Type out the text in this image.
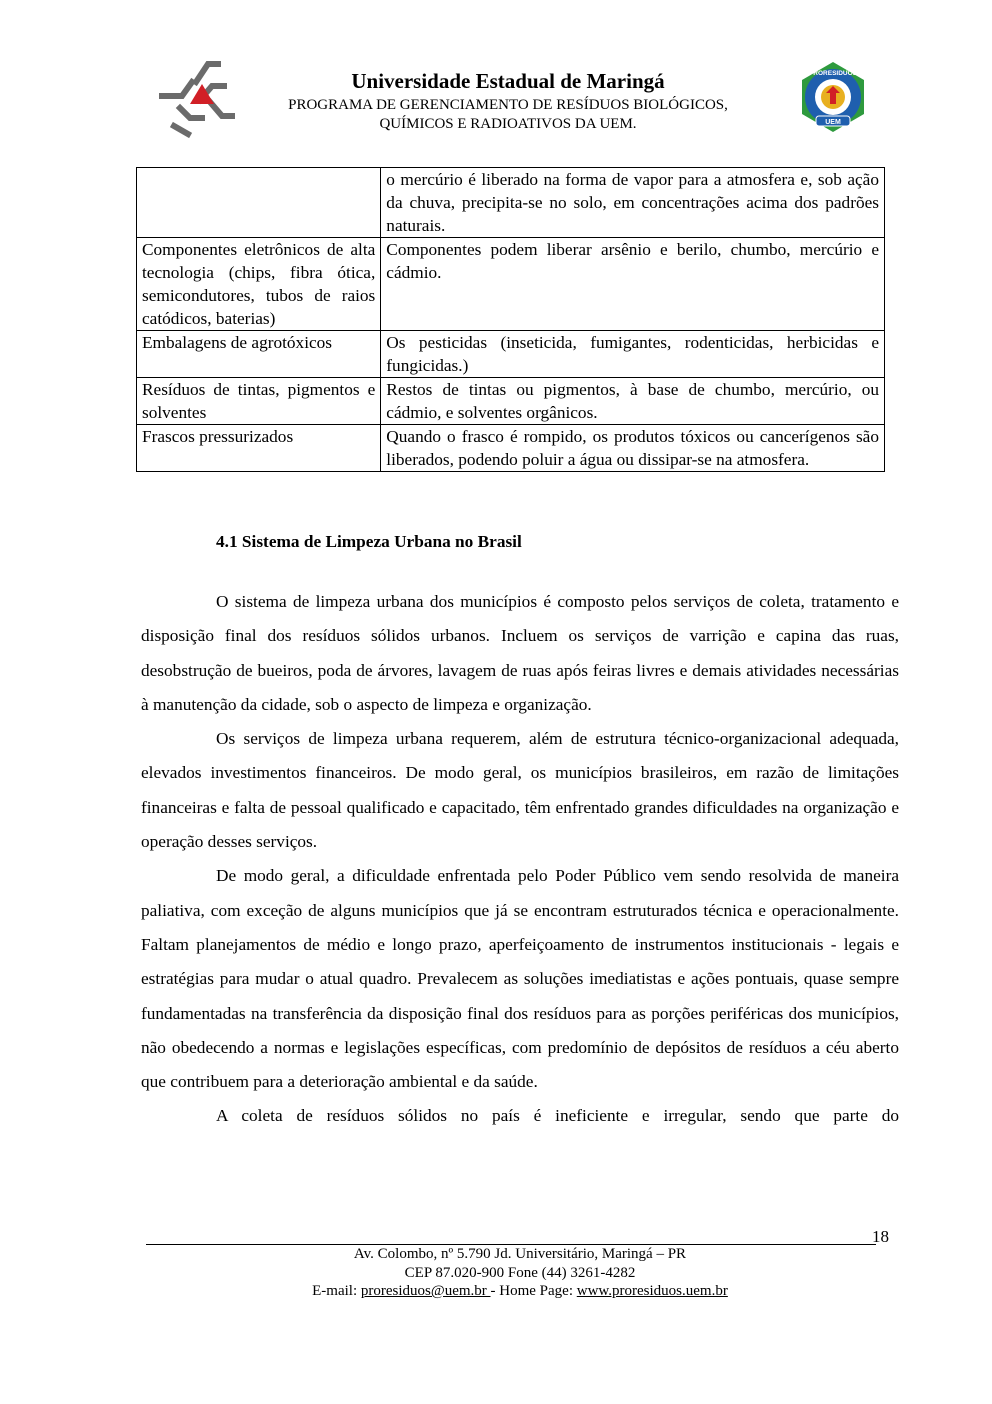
Universidade Estadual de Maringá
PROGRAMA DE GERENCIAMENTO DE RESÍDUOS BIOLÓGICOS,
QUÍMICOS E RADIOATIVOS DA UEM.	UEM
PRORESIDUOS
	o mercúrio é liberado na forma de vapor para a atmosfera e, sob ação da chuva, precipita-se no solo, em concentrações acima dos padrões naturais.
Componentes eletrônicos de alta tecnologia (chips, fibra ótica, semicondutores, tubos de raios catódicos, baterias)	Componentes podem liberar arsênio e berilo, chumbo, mercúrio e cádmio.
Embalagens de agrotóxicos	Os pesticidas (inseticida, fumigantes, rodenticidas, herbicidas e fungicidas.)
Resíduos de tintas, pigmentos e solventes	Restos de tintas ou pigmentos, à base de chumbo, mercúrio, ou cádmio, e solventes orgânicos.
Frascos pressurizados	Quando o frasco é rompido, os produtos tóxicos ou cancerígenos são liberados, podendo poluir a água ou dissipar-se na atmosfera.
4.1 Sistema de Limpeza Urbana no Brasil

O sistema de limpeza urbana dos municípios é composto pelos serviços de coleta, tratamento e disposição final dos resíduos sólidos urbanos. Incluem os serviços de varrição e capina das ruas, desobstrução de bueiros, poda de árvores, lavagem de ruas após feiras livres e demais atividades necessárias à manutenção da cidade, sob o aspecto de limpeza e organização.

Os serviços de limpeza urbana requerem, além de estrutura técnico-organizacional adequada, elevados investimentos financeiros. De modo geral, os municípios brasileiros, em razão de limitações financeiras e falta de pessoal qualificado e capacitado, têm enfrentado grandes dificuldades na organização e operação desses serviços.

De modo geral, a dificuldade enfrentada pelo Poder Público vem sendo resolvida de maneira paliativa, com exceção de alguns municípios que já se encontram estruturados técnica e operacionalmente. Faltam planejamentos de médio e longo prazo, aperfeiçoamento de instrumentos institucionais - legais e estratégias para mudar o atual quadro. Prevalecem as soluções imediatistas e ações pontuais, quase sempre fundamentadas na transferência da disposição final dos resíduos para as porções periféricas dos municípios, não obedecendo a normas e legislações específicas, com predomínio de depósitos de resíduos a céu aberto que contribuem para a deterioração ambiental e da saúde.

A coleta de resíduos sólidos no país é ineficiente e irregular, sendo que parte do

18
Av. Colombo, nº 5.790 Jd. Universitário, Maringá – PR
CEP 87.020-900 Fone (44) 3261-4282
E-mail: proresiduos@uem.br - Home Page: www.proresiduos.uem.br
